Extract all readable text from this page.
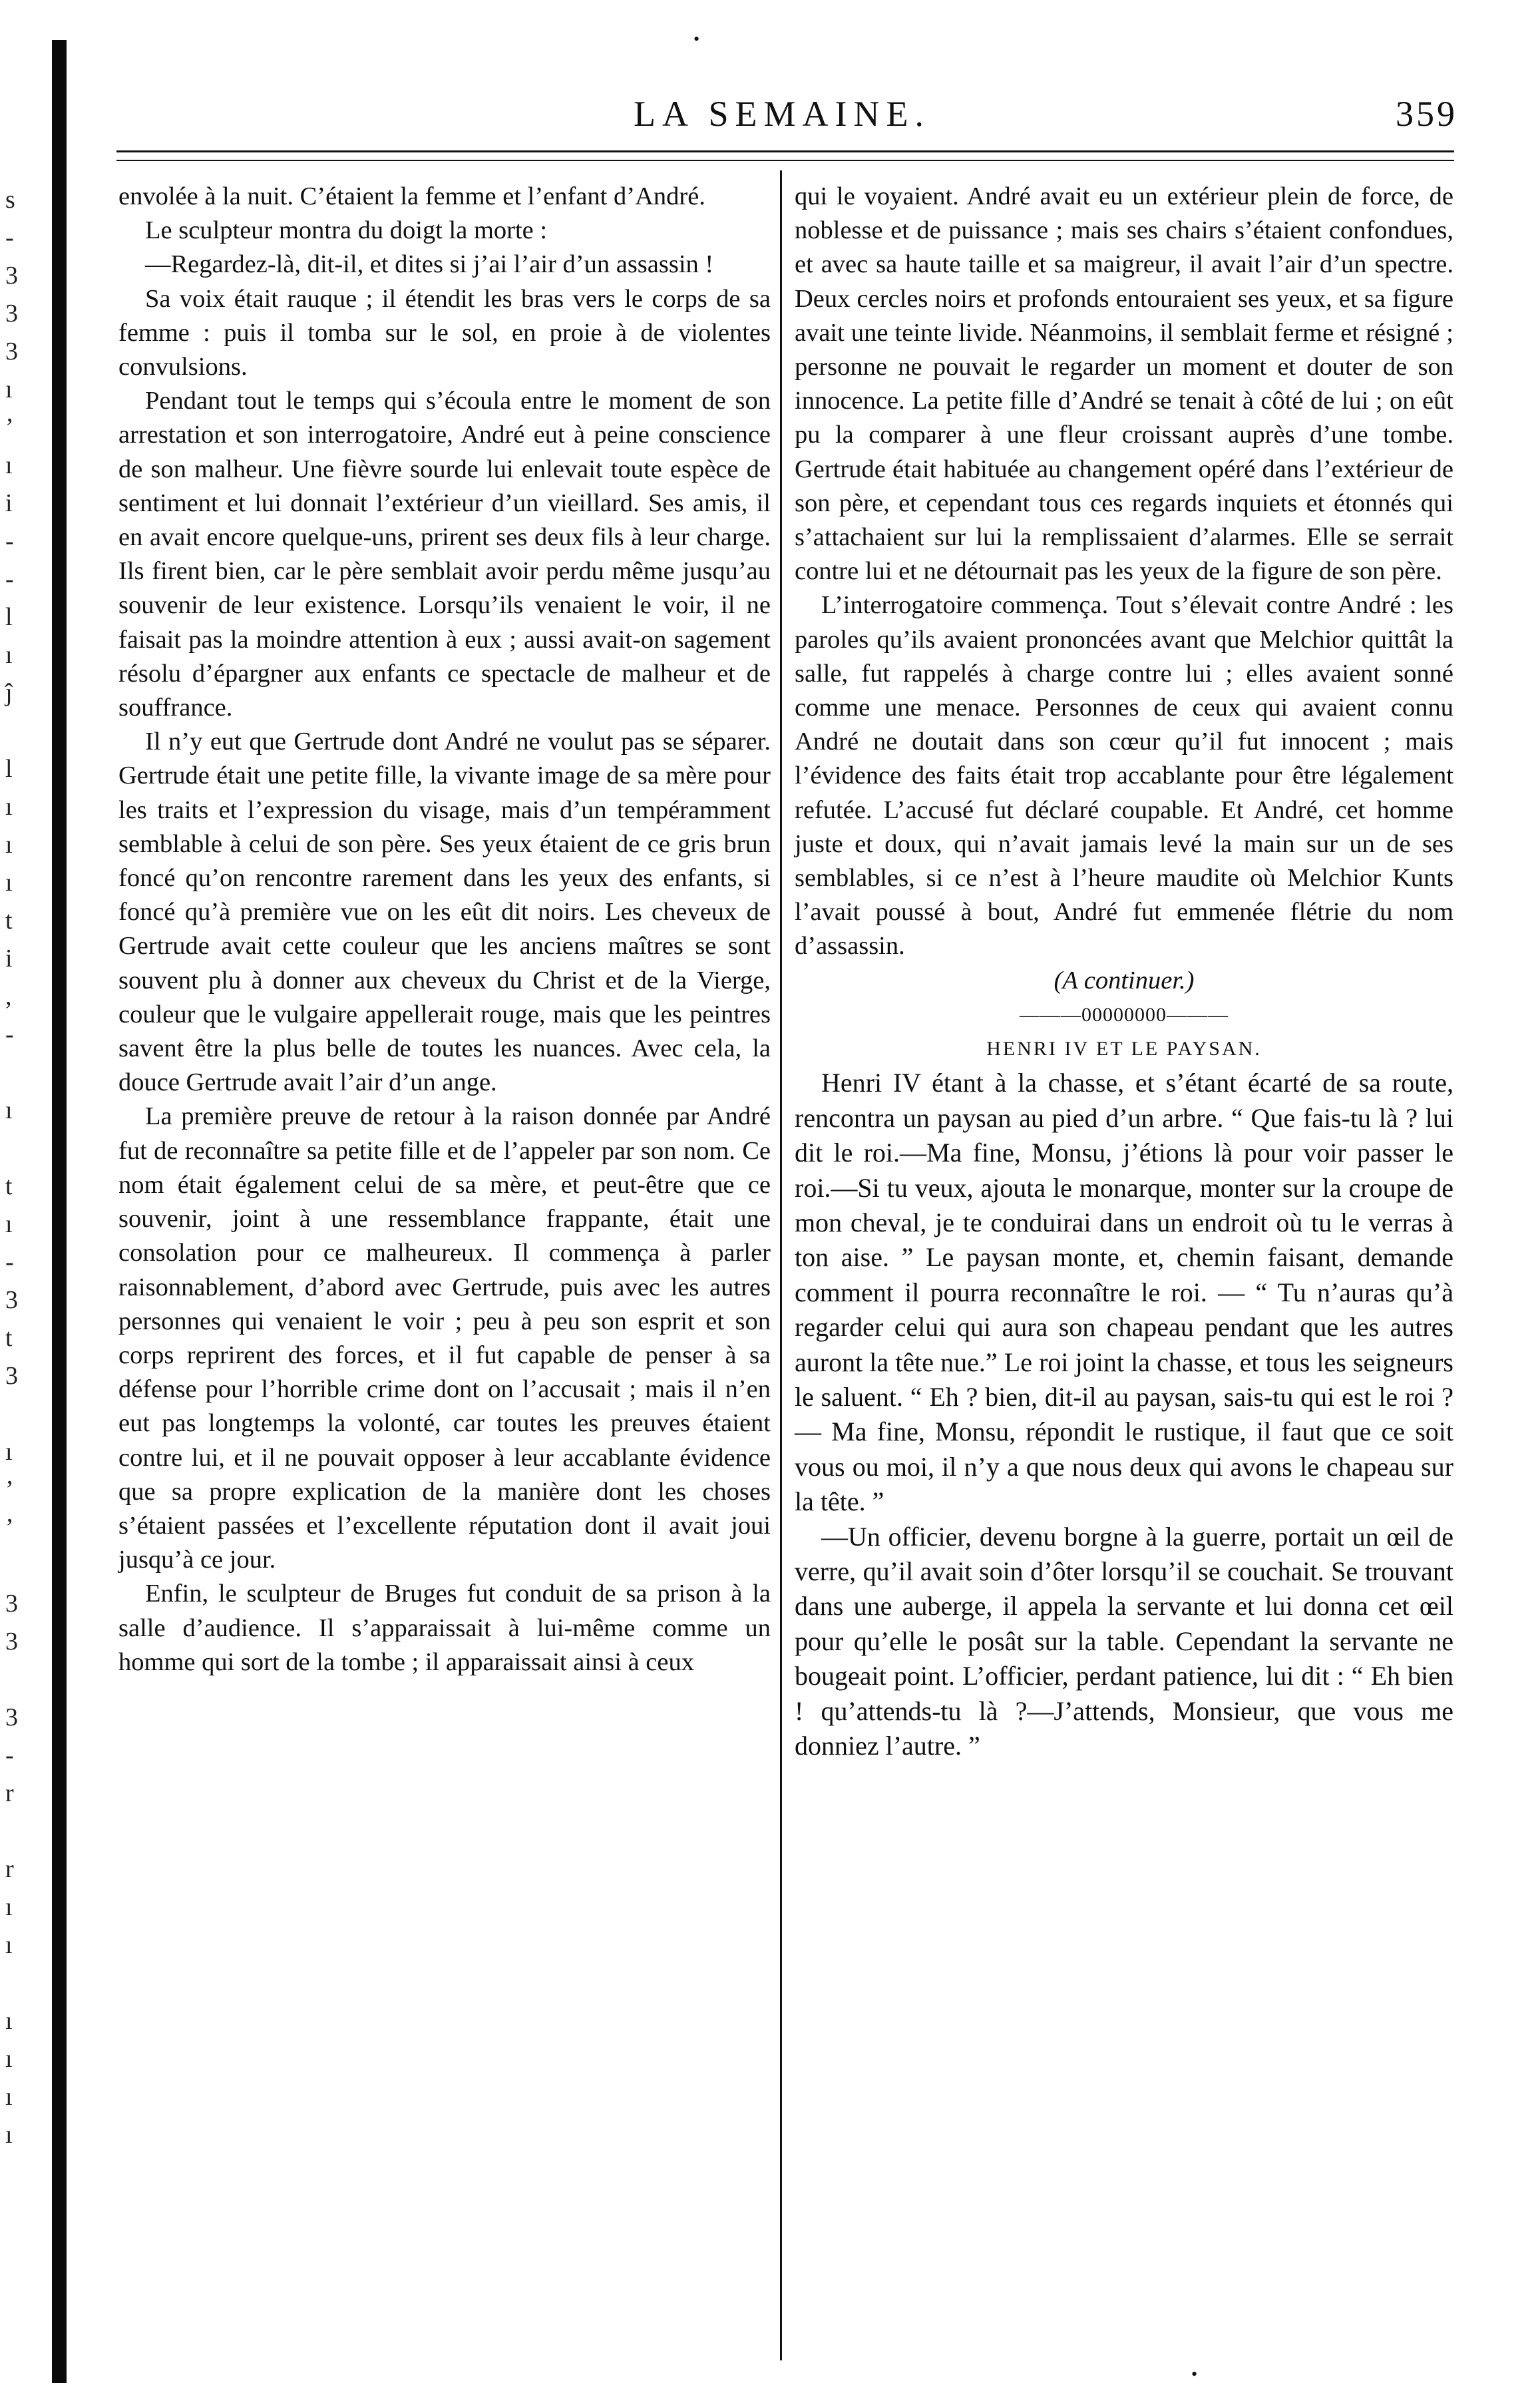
•
s
-
3
3
3
ı
’
ı
i
-
-
l
ı
ĵ
l
ı
ı
ı
t
i
,
-
ı
t
ı
-
3
t
3
ı
’
’
3
3
3
-
r
r
ı
ı
ı
ı
ı
ı
LA SEMAINE.	359

envolée à la nuit. C’étaient la femme et l’enfant d’André.

Le sculpteur montra du doigt la morte :

—Regardez-là, dit-il, et dites si j’ai l’air d’un assassin !

Sa voix était rauque ; il étendit les bras vers le corps de sa femme : puis il tomba sur le sol, en proie à de violentes convulsions.

Pendant tout le temps qui s’écoula entre le moment de son arrestation et son interrogatoire, André eut à peine conscience de son malheur. Une fièvre sourde lui enlevait toute espèce de sentiment et lui donnait l’extérieur d’un vieillard. Ses amis, il en avait encore quelque-uns, prirent ses deux fils à leur charge. Ils firent bien, car le père semblait avoir perdu même jusqu’au souvenir de leur existence. Lorsqu’ils venaient le voir, il ne faisait pas la moindre attention à eux ; aussi avait-on sagement résolu d’épargner aux enfants ce spectacle de malheur et de souffrance.

Il n’y eut que Gertrude dont André ne voulut pas se séparer. Gertrude était une petite fille, la vivante image de sa mère pour les traits et l’expression du visage, mais d’un tempéramment semblable à celui de son père. Ses yeux étaient de ce gris brun foncé qu’on rencontre rarement dans les yeux des enfants, si foncé qu’à première vue on les eût dit noirs. Les cheveux de Gertrude avait cette couleur que les anciens maîtres se sont souvent plu à donner aux cheveux du Christ et de la Vierge, couleur que le vulgaire appellerait rouge, mais que les peintres savent être la plus belle de toutes les nuances. Avec cela, la douce Gertrude avait l’air d’un ange.

La première preuve de retour à la raison donnée par André fut de reconnaître sa petite fille et de l’appeler par son nom. Ce nom était également celui de sa mère, et peut-être que ce souvenir, joint à une ressemblance frappante, était une consolation pour ce malheureux. Il commença à parler raisonnablement, d’abord avec Gertrude, puis avec les autres personnes qui venaient le voir ; peu à peu son esprit et son corps reprirent des forces, et il fut capable de penser à sa défense pour l’horrible crime dont on l’accusait ; mais il n’en eut pas longtemps la volonté, car toutes les preuves étaient contre lui, et il ne pouvait opposer à leur accablante évidence que sa propre explication de la manière dont les choses s’étaient passées et l’excellente réputation dont il avait joui jusqu’à ce jour.

Enfin, le sculpteur de Bruges fut conduit de sa prison à la salle d’audience. Il s’apparaissait à lui-même comme un homme qui sort de la tombe ; il apparaissait ainsi à ceux

qui le voyaient. André avait eu un extérieur plein de force, de noblesse et de puissance ; mais ses chairs s’étaient confondues, et avec sa haute taille et sa maigreur, il avait l’air d’un spectre. Deux cercles noirs et profonds entouraient ses yeux, et sa figure avait une teinte livide. Néanmoins, il semblait ferme et résigné ; personne ne pouvait le regarder un moment et douter de son innocence. La petite fille d’André se tenait à côté de lui ; on eût pu la comparer à une fleur croissant auprès d’une tombe. Gertrude était habituée au changement opéré dans l’extérieur de son père, et cependant tous ces regards inquiets et étonnés qui s’attachaient sur lui la remplissaient d’alarmes. Elle se serrait contre lui et ne détournait pas les yeux de la figure de son père.

L’interrogatoire commença. Tout s’élevait contre André : les paroles qu’ils avaient prononcées avant que Melchior quittât la salle, fut rappelés à charge contre lui ; elles avaient sonné comme une menace. Personnes de ceux qui avaient connu André ne doutait dans son cœur qu’il fut innocent ; mais l’évidence des faits était trop accablante pour être légalement refutée. L’accusé fut déclaré coupable. Et André, cet homme juste et doux, qui n’avait jamais levé la main sur un de ses semblables, si ce n’est à l’heure maudite où Melchior Kunts l’avait poussé à bout, André fut emmenée flétrie du nom d’assassin.

(A continuer.)

———00000000———

HENRI IV ET LE PAYSAN.

Henri IV étant à la chasse, et s’étant écarté de sa route, rencontra un paysan au pied d’un arbre. “ Que fais-tu là ? lui dit le roi.—Ma fine, Monsu, j’étions là pour voir passer le roi.—Si tu veux, ajouta le monarque, monter sur la croupe de mon cheval, je te conduirai dans un endroit où tu le verras à ton aise. ” Le paysan monte, et, chemin faisant, demande comment il pourra reconnaître le roi. — “ Tu n’auras qu’à regarder celui qui aura son chapeau pendant que les autres auront la tête nue.” Le roi joint la chasse, et tous les seigneurs le saluent. “ Eh ? bien, dit-il au paysan, sais-tu qui est le roi ? — Ma fine, Monsu, répondit le rustique, il faut que ce soit vous ou moi, il n’y a que nous deux qui avons le chapeau sur la tête. ”

—Un officier, devenu borgne à la guerre, portait un œil de verre, qu’il avait soin d’ôter lorsqu’il se couchait. Se trouvant dans une auberge, il appela la servante et lui donna cet œil pour qu’elle le posât sur la table. Cependant la servante ne bougeait point. L’officier, perdant patience, lui dit : “ Eh bien ! qu’attends-tu là ?—J’attends, Monsieur, que vous me donniez l’autre. ”

•
